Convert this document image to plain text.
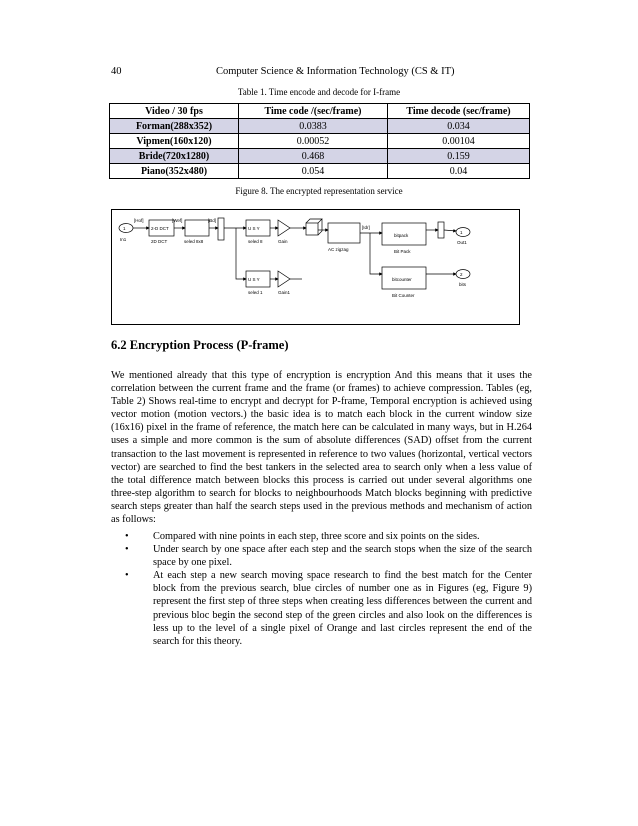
40	Computer Science & Information Technology (CS & IT)
Table 1. Time encode and decode for I-frame
Video / 30 fps	Time code /(sec/frame)	Time decode (sec/frame)
Forman(288x352)	0.0383	0.034
Vipmen(160x120)	0.00052	0.00104
Bride(720x1280)	0.468	0.159
Piano(352x480)	0.054	0.04
Figure 8. The encrypted representation service
1
In1
2-D DCT
2D DCT	seled 8x8
U S Y
seled 8	Gain
AC zigzag
bitpack
Bit Pack
1
Out1
bitcounter
Bit Counter
2
bits
U S Y
seled 1	Gain1
[Hof]	[Wef]	[Bd]
[Idr]
6.2 Encryption Process (P-frame)

We mentioned already that this type of encryption is encryption And this means that it uses the correlation between the current frame and the frame (or frames) to achieve compression. Tables (eg, Table 2) Shows real-time to encrypt and decrypt for P-frame, Temporal encryption is achieved using vector motion (motion vectors.) the basic idea is to match each block in the current window size (16x16) pixel in the frame of reference, the match here can be calculated in many ways, but in H.264 uses a simple and more common is the sum of absolute differences (SAD) offset from the current transaction to the last movement is represented in reference to two values (horizontal, vertical vectors vector) are searched to find the best tankers in the selected area to search only when a less value of the total difference match between blocks this process is carried out under several algorithms one three-step algorithm to search for blocks to neighbourhoods Match blocks beginning with predictive search steps greater than half the search steps used in the previous methods and mechanism of action as follows:

• Compared with nine points in each step, three score and six points on the sides.
• Under search by one space after each step and the search stops when the size of the search space by one pixel.
• At each step a new search moving space research to find the best match for the Center block from the previous search, blue circles of number one as in Figures (eg, Figure 9) represent the first step of three steps when creating less differences between the current and previous bloc begin the second step of the green circles and also look on the differences is less up to the level of a single pixel of Orange and last circles represent the end of the search for this theory.
